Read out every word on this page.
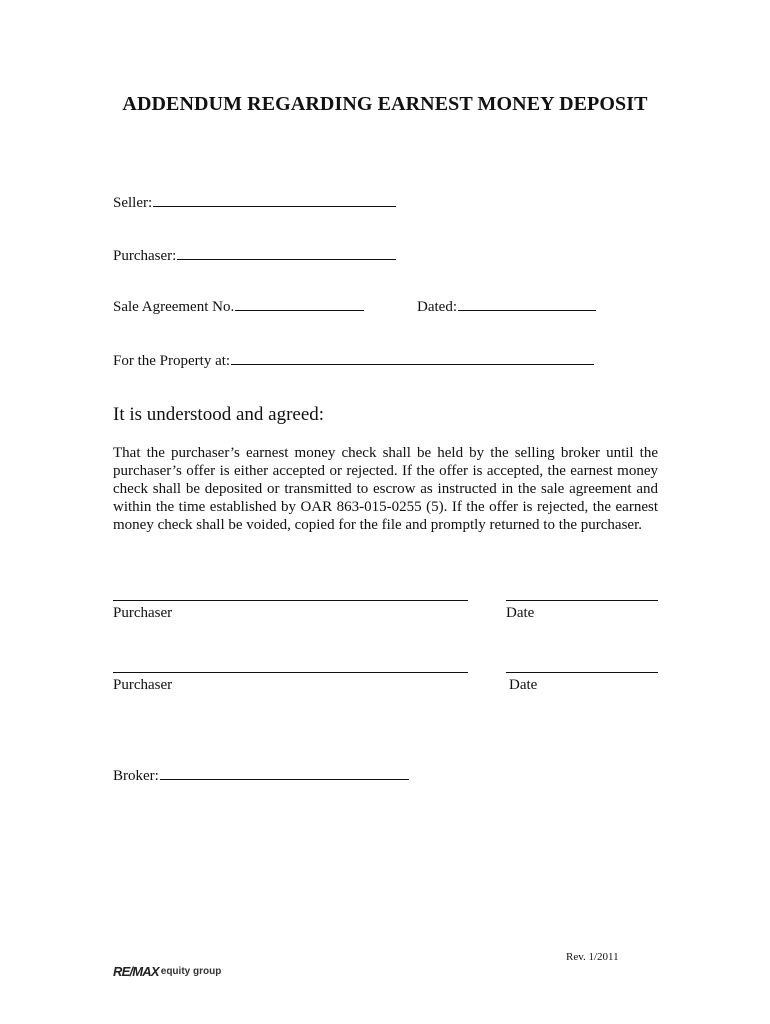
ADDENDUM REGARDING EARNEST MONEY DEPOSIT
Seller:
Purchaser:
Sale Agreement No.	Dated:
For the Property at:
It is understood and agreed:
That the purchaser’s earnest money check shall be held by the selling broker until the purchaser’s offer is either accepted or rejected. If the offer is accepted, the earnest money check shall be deposited or transmitted to escrow as instructed in the sale agreement and within the time established by OAR 863-015-0255 (5). If the offer is rejected, the earnest money check shall be voided, copied for the file and promptly returned to the purchaser.
Purchaser	Date
Purchaser	Date
Broker:
Rev. 1/2011
RE/MAX equity group
